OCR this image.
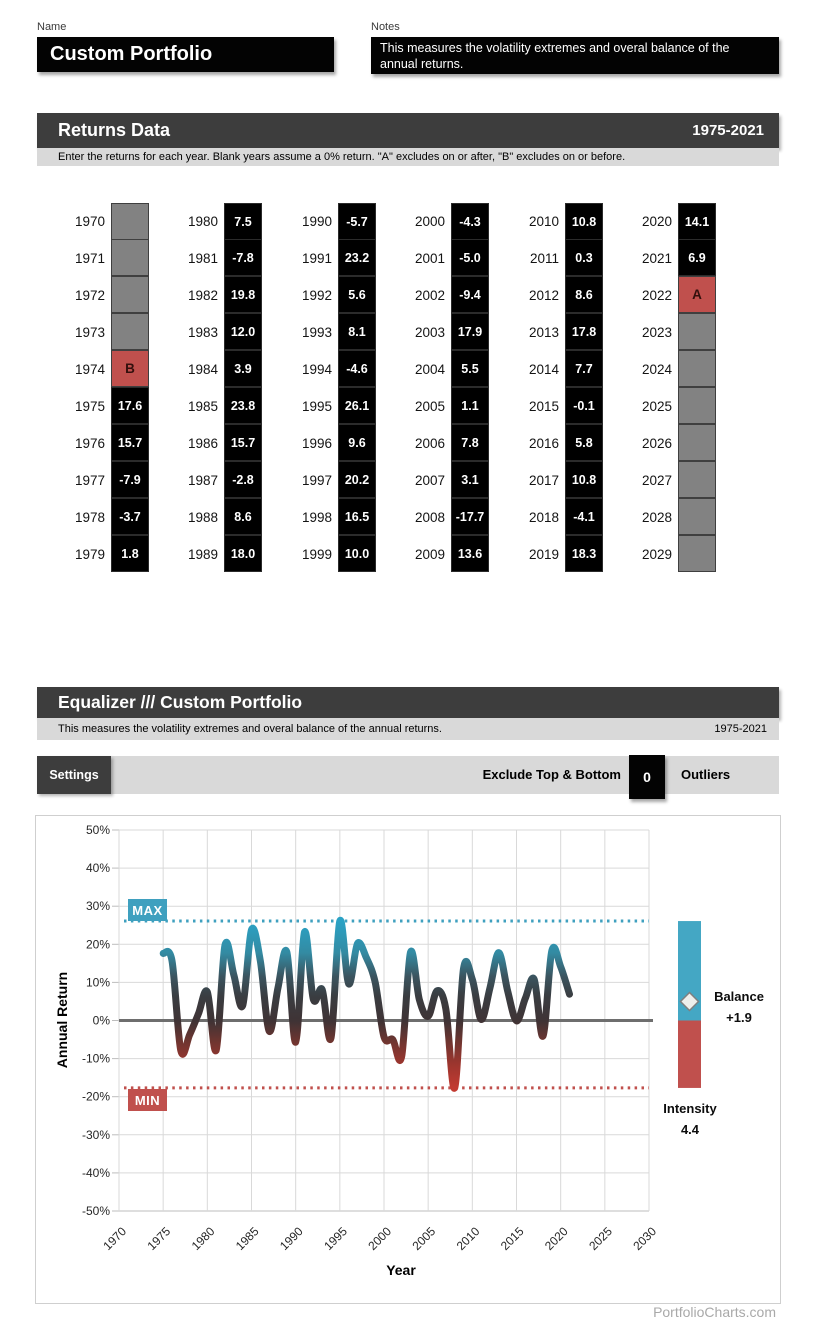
Name
Custom Portfolio
Notes
This measures the volatility extremes and overal balance of the annual returns.
Returns Data	1975-2021
Enter the returns for each year. Blank years assume a 0% return. "A" excludes on or after, "B" excludes on or before.
1970
1971
1972
1973
1974	B
1975	17.6
1976	15.7
1977	-7.9
1978	-3.7
1979	1.8
1980	7.5
1981	-7.8
1982	19.8
1983	12.0
1984	3.9
1985	23.8
1986	15.7
1987	-2.8
1988	8.6
1989	18.0
1990	-5.7
1991	23.2
1992	5.6
1993	8.1
1994	-4.6
1995	26.1
1996	9.6
1997	20.2
1998	16.5
1999	10.0
2000	-4.3
2001	-5.0
2002	-9.4
2003	17.9
2004	5.5
2005	1.1
2006	7.8
2007	3.1
2008 -17.7
2009	13.6
2010	10.8
2011	0.3
2012	8.6
2013	17.8
2014	7.7
2015	-0.1
2016	5.8
2017	10.8
2018	-4.1
2019	18.3
2020	14.1
2021	6.9
2022	A
2023
2024
2025
2026
2027
2028
2029
Equalizer /// Custom Portfolio
This measures the volatility extremes and overal balance of the annual returns.	1975-2021
Settings	Exclude Top & Bottom	Outliers
0
50%
40%
30%
20%
10%
0%
-10%
-20%
-30%
-40%
-50%
1970 1975 1980 1985 1990 1995 2000 2005 2010 2015 2020 2025 2030
MAX
MIN
Annual Return
Year
Balance
+1.9
Intensity
4.4
PortfolioCharts.com
